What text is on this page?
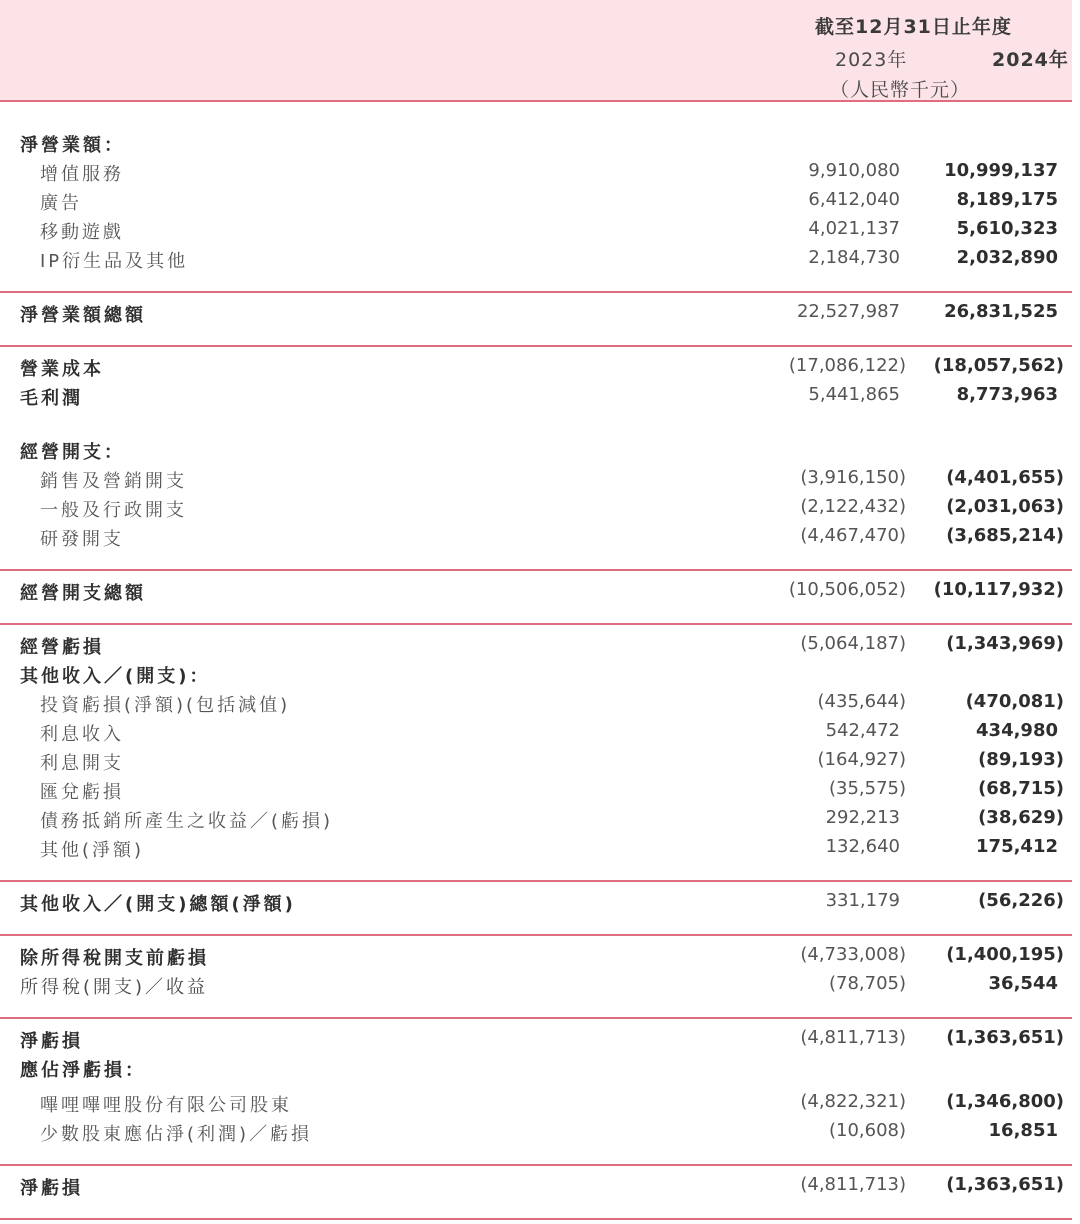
截至12月31日止年度
2023年	2024年
（人民幣千元）
淨營業額：
增值服務	9,910,080 10,999,137
廣告	6,412,040	8,189,175
移動遊戲	4,021,137	5,610,323
IP衍生品及其他	2,184,730	2,032,890
淨營業額總額	22,527,987 26,831,525
營業成本	(17,086,122) (18,057,562)
毛利潤	5,441,865	8,773,963
經營開支：
銷售及營銷開支	(3,916,150) (4,401,655)
一般及行政開支	(2,122,432) (2,031,063)
研發開支	(4,467,470) (3,685,214)
經營開支總額	(10,506,052) (10,117,932)
經營虧損	(5,064,187) (1,343,969)
其他收入／(開支)：
投資虧損(淨額)(包括減值)	(435,644)	(470,081)
利息收入	542,472	434,980
利息開支	(164,927)	(89,193)
匯兌虧損	(35,575)	(68,715)
債務抵銷所產生之收益／(虧損)	292,213	(38,629)
其他(淨額)	132,640	175,412
其他收入／(開支)總額(淨額)	331,179	(56,226)
除所得稅開支前虧損	(4,733,008) (1,400,195)
所得稅(開支)／收益	(78,705)	36,544
淨虧損	(4,811,713) (1,363,651)
應佔淨虧損：
嗶哩嗶哩股份有限公司股東	(4,822,321) (1,346,800)
少數股東應佔淨(利潤)／虧損	(10,608)	16,851
淨虧損	(4,811,713) (1,363,651)
